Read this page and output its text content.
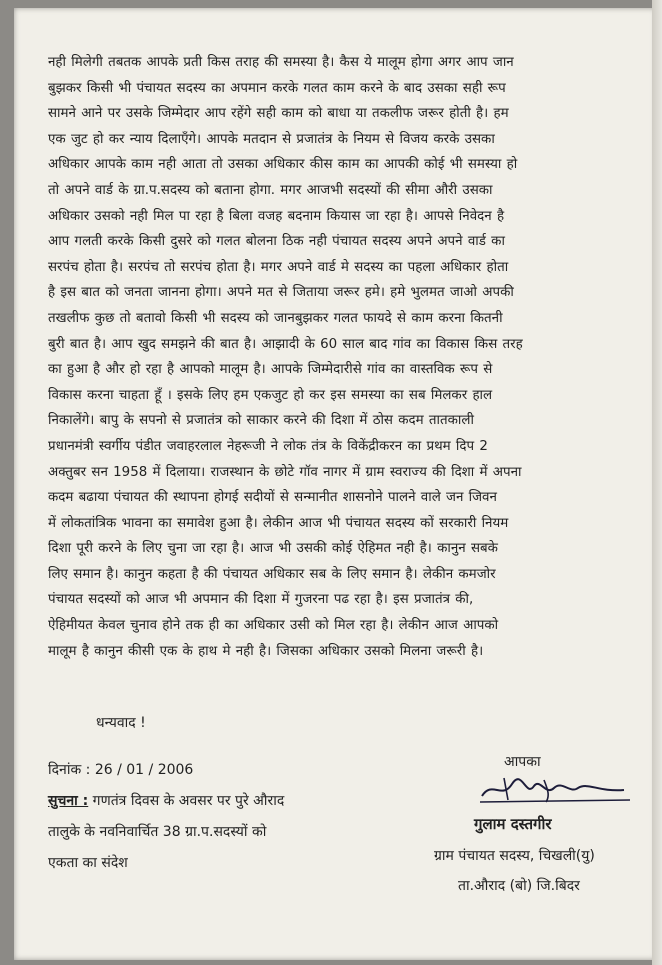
नही मिलेगी तबतक आपके प्रती किस तराह की समस्या है। कैस ये मालूम होगा अगर आप जान
बुझकर किसी भी पंचायत सदस्य का अपमान करके गलत काम करने के बाद उसका सही रूप
सामने आने पर उसके जिम्मेदार आप रहेंगे सही काम को बाधा या तकलीफ जरूर होती है। हम
एक जुट हो कर न्याय दिलाएँगे। आपके मतदान से प्रजातंत्र के नियम से विजय करके उसका
अधिकार आपके काम नही आता तो उसका अधिकार कीस काम का आपकी कोई भी समस्या हो
तो अपने वार्ड के ग्रा.प.सदस्य को बताना होगा. मगर आजभी सदस्यों की सीमा औरी उसका
अधिकार उसको नही मिल पा रहा है बिला वजह बदनाम कियास जा रहा है। आपसे निवेदन है
आप गलती करके किसी दुसरे को गलत बोलना ठिक नही पंचायत सदस्य अपने अपने वार्ड का
सरपंच होता है। सरपंच तो सरपंच होता है। मगर अपने वार्ड मे सदस्य का पहला अधिकार होता
है इस बात को जनता जानना होगा। अपने मत से जिताया जरूर हमे। हमे भुलमत जाओ अपकी
तखलीफ कुछ तो बतावो किसी भी सदस्य को जानबुझकर गलत फायदे से काम करना कितनी
बुरी बात है। आप खुद समझने की बात है। आझादी के 60 साल बाद गांव का विकास किस तरह
का हुआ है और हो रहा है आपको मालूम है। आपके जिम्मेदारीसे गांव का वास्तविक रूप से
विकास करना चाहता हूँ । इसके लिए हम एकजुट हो कर इस समस्या का सब मिलकर हाल
निकालेंगे। बापु के सपनो से प्रजातंत्र को साकार करने की दिशा में ठोस कदम तातकाली
प्रधानमंत्री स्वर्गीय पंडीत जवाहरलाल नेहरूजी ने लोक तंत्र के विकेंद्रीकरन का प्रथम दिप 2
अक्तुबर सन 1958 में दिलाया। राजस्थान के छोटे गॉव नागर में ग्राम स्वराज्य की दिशा में अपना
कदम बढाया पंचायत की स्थापना होगई सदीयों से सन्मानीत शासनोने पालने वाले जन जिवन
में लोकतांत्रिक भावना का समावेश हुआ है। लेकीन आज भी पंचायत सदस्य कों सरकारी नियम
दिशा पूरी करने के लिए चुना जा रहा है। आज भी उसकी कोई ऐहिमत नही है। कानुन सबके
लिए समान है। कानुन कहता है की पंचायत अधिकार सब के लिए समान है। लेकीन कमजोर
पंचायत सदस्यों को आज भी अपमान की दिशा में गुजरना पढ रहा है। इस प्रजातंत्र की,
ऐहिमीयत केवल चुनाव होने तक ही का अधिकार उसी को मिल रहा है। लेकीन आज आपको
मालूम है कानुन कीसी एक के हाथ मे नही है। जिसका अधिकार उसको मिलना जरूरी है।
धन्यवाद !
दिनांक : 26 / 01 / 2006
सुचना : गणतंत्र दिवस के अवसर पर पुरे औराद
तालुके के नवनिवार्चित 38 ग्रा.प.सदस्यों को
एकता का संदेश
आपका
गुलाम दस्तगीर
ग्राम पंचायत सदस्य, चिखली(यु)
ता.औराद (बो) जि.बिदर
